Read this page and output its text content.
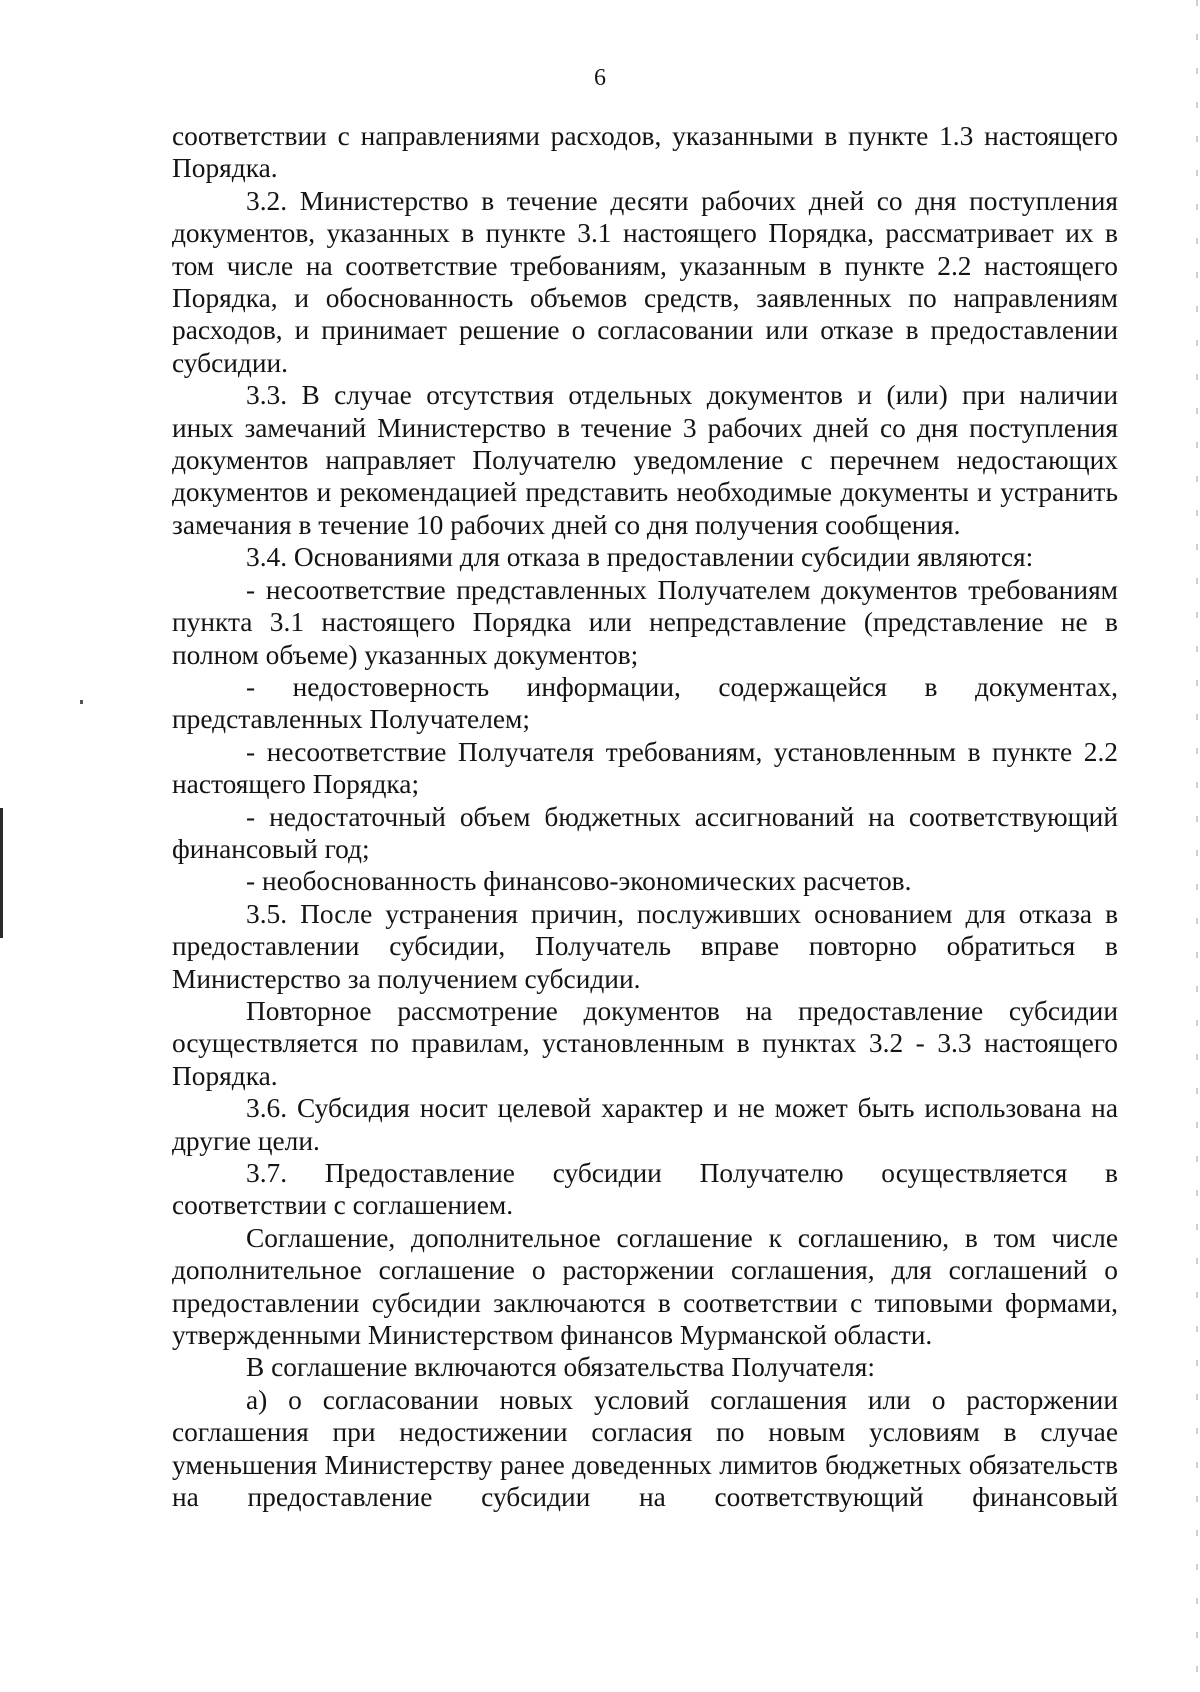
6

соответствии с направлениями расходов, указанными в пункте 1.3 настоящего Порядка.

3.2. Министерство в течение десяти рабочих дней со дня поступления документов, указанных в пункте 3.1 настоящего Порядка, рассматривает их в том числе на соответствие требованиям, указанным в пункте 2.2 настоящего Порядка, и обоснованность объемов средств, заявленных по направлениям расходов, и принимает решение о согласовании или отказе в предоставлении субсидии.

3.3. В случае отсутствия отдельных документов и (или) при наличии иных замечаний Министерство в течение 3 рабочих дней со дня поступления документов направляет Получателю уведомление с перечнем недостающих документов и рекомендацией представить необходимые документы и устранить замечания в течение 10 рабочих дней со дня получения сообщения.

3.4. Основаниями для отказа в предоставлении субсидии являются:

- несоответствие представленных Получателем документов требованиям пункта 3.1 настоящего Порядка или непредставление (представление не в полном объеме) указанных документов;

- недостоверность информации, содержащейся в документах, представленных Получателем;

- несоответствие Получателя требованиям, установленным в пункте 2.2 настоящего Порядка;

- недостаточный объем бюджетных ассигнований на соответствующий финансовый год;

- необоснованность финансово-экономических расчетов.

3.5. После устранения причин, послуживших основанием для отказа в предоставлении субсидии, Получатель вправе повторно обратиться в Министерство за получением субсидии.

Повторное рассмотрение документов на предоставление субсидии осуществляется по правилам, установленным в пунктах 3.2 - 3.3 настоящего Порядка.

3.6. Субсидия носит целевой характер и не может быть использована на другие цели.

3.7. Предоставление субсидии Получателю осуществляется в соответствии с соглашением.

Соглашение, дополнительное соглашение к соглашению, в том числе дополнительное соглашение о расторжении соглашения, для соглашений о предоставлении субсидии заключаются в соответствии с типовыми формами, утвержденными Министерством финансов Мурманской области.

В соглашение включаются обязательства Получателя:

а) о согласовании новых условий соглашения или о расторжении соглашения при недостижении согласия по новым условиям в случае уменьшения Министерству ранее доведенных лимитов бюджетных обязательств на предоставление субсидии на соответствующий финансовый
